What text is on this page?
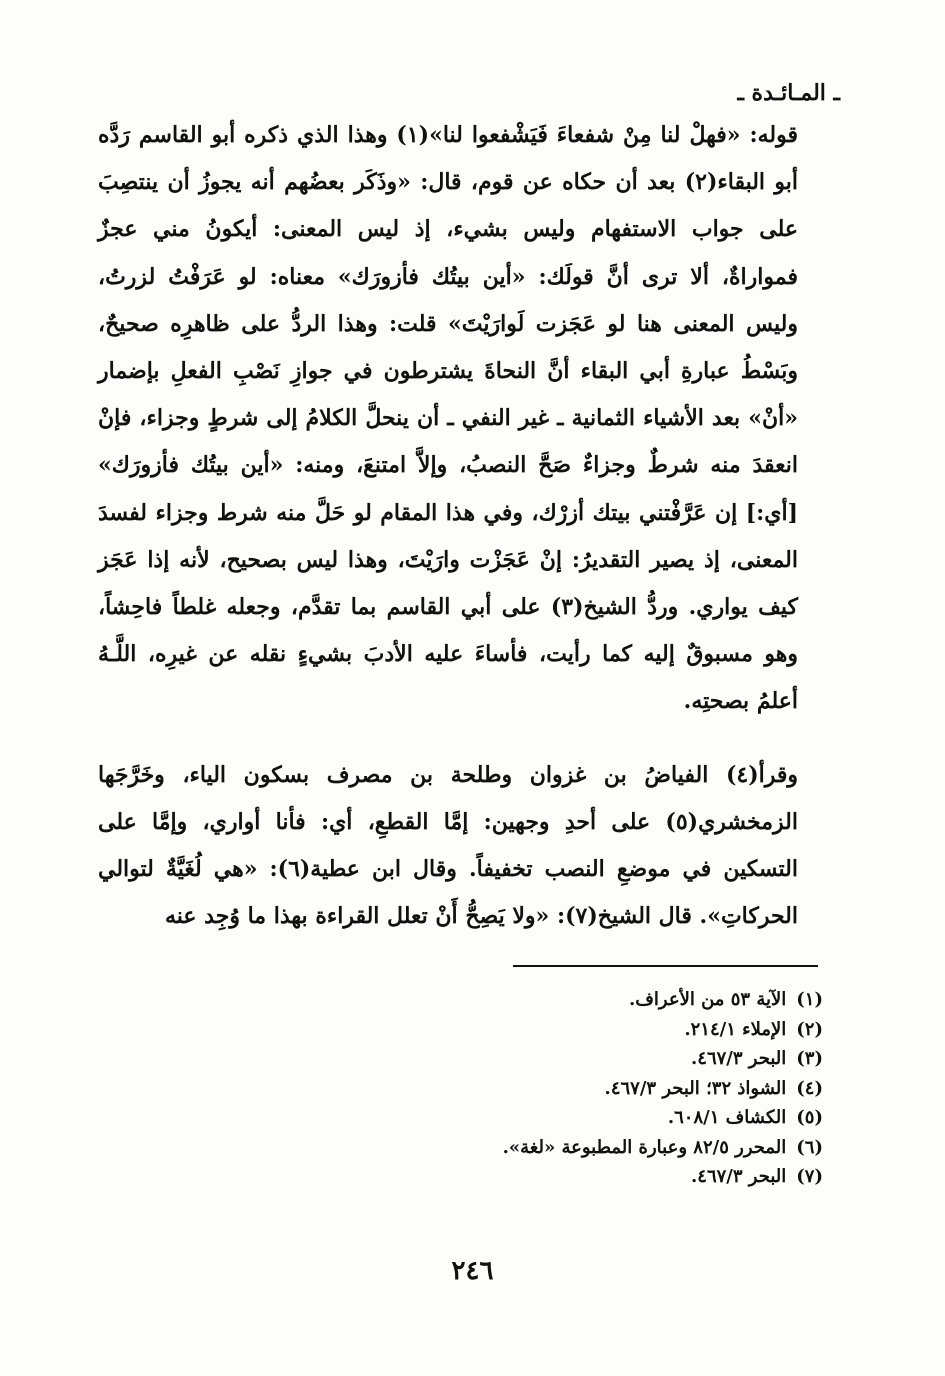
ـ المـائـدة ـ

قوله: «فهلْ لنا مِنْ شفعاءَ فَيَشْفعوا لنا»(١) وهذا الذي ذكره أبو القاسم رَدَّه أبو البقاء(٢) بعد أن حكاه عن قوم، قال: «وذَكَر بعضُهم أنه يجوزُ أن ينتصِبَ على جواب الاستفهام وليس بشيء، إذ ليس المعنى: أيكونُ مني عجزٌ فمواراةٌ، ألا ترى أنَّ قولَك: «أين بيتُك فأزورَك» معناه: لو عَرَفْتُ لزرتُ، وليس المعنى هنا لو عَجَزت لَوارَيْتَ» قلت: وهذا الردُّ على ظاهرِه صحيحٌ، وبَسْطُ عبارةِ أبي البقاء أنَّ النحاةَ يشترطون في جوازِ نَصْبِ الفعلِ بإضمار «أنْ» بعد الأشياء الثمانية ـ غير النفي ـ أن ينحلَّ الكلامُ إلى شرطٍ وجزاء، فإنْ انعقدَ منه شرطٌ وجزاءٌ صَحَّ النصبُ، وإلاَّ امتنعَ، ومنه: «أين بيتُك فأزورَك» [أي:] إن عَرَّفْتني بيتك أزرْك، وفي هذا المقام لو حَلَّ منه شرط وجزاء لفسدَ المعنى، إذ يصير التقديرُ: إنْ عَجَزْت وارَيْتَ، وهذا ليس بصحيح، لأنه إذا عَجَز كيف يواري. وردُّ الشيخ(٣) على أبي القاسم بما تقدَّم، وجعله غلطاً فاحِشاً، وهو مسبوقٌ إليه كما رأيت، فأساءَ عليه الأدبَ بشيءٍ نقله عن غيرِه، اللَّـهُ أعلمُ بصحتِه.

وقرأ(٤) الفياضُ بن غزوان وطلحة بن مصرف بسكون الياء، وخَرَّجَها الزمخشري(٥) على أحدِ وجهين: إمَّا القطعِ، أي: فأنا أواري، وإمَّا على التسكين في موضعِ النصب تخفيفاً. وقال ابن عطية(٦): «هي لُغَيَّةٌ لتوالي الحركاتِ». قال الشيخ(٧): «ولا يَصِحُّ أَنْ تعلل القراءة بهذا ما وُجِد عنه

(١)الآية ٥٣ من الأعراف.
(٢)الإملاء ٢١٤/١.
(٣)البحر ٤٦٧/٣.
(٤)الشواذ ٣٢؛ البحر ٤٦٧/٣.
(٥)الكشاف ٦٠٨/١.
(٦)المحرر ٨٢/٥ وعبارة المطبوعة «لغة».
(٧)البحر ٤٦٧/٣.
٢٤٦
